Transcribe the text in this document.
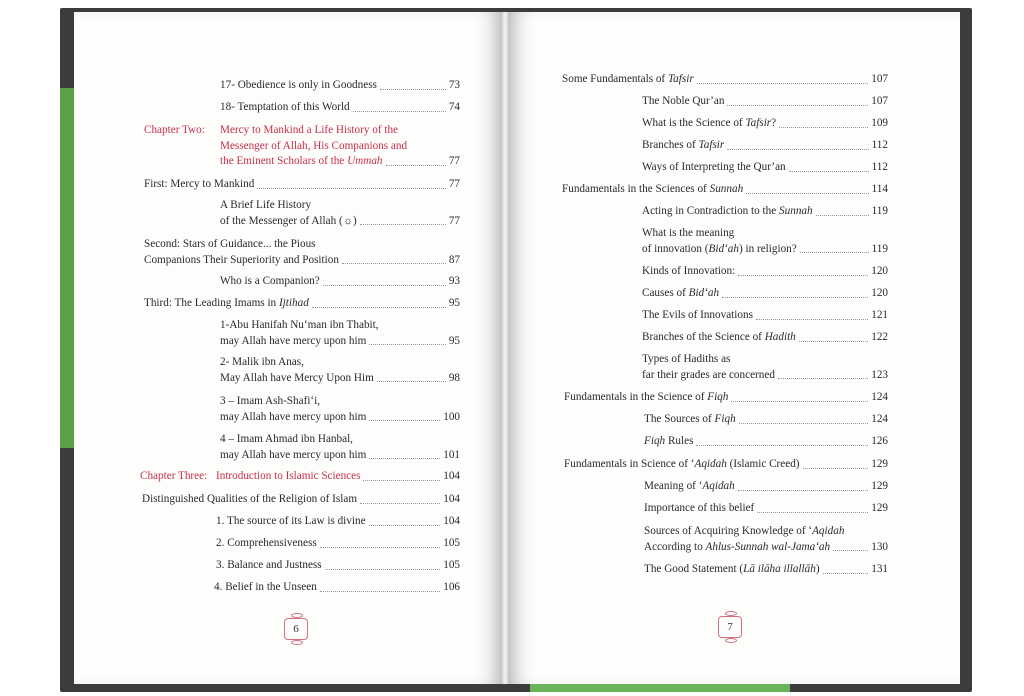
17- Obedience is only in Goodness	73
18- Temptation of this World	74
Chapter Two: Mercy to Mankind a Life History of the
Messenger of Allah, His Companions and
the Eminent Scholars of the Ummah	77
First: Mercy to Mankind	77
A Brief Life History
of the Messenger of Allah (☼)	77
Second: Stars of Guidance... the Pious
Companions Their Superiority and Position	87
Who is a Companion?	93
Third: The Leading Imams in Ijtihad	95
1-Abu Hanifah Nu‘man ibn Thabit,
may Allah have mercy upon him	95
2- Malik ibn Anas,
May Allah have Mercy Upon Him	98
3 – Imam Ash-Shafi‘i,
may Allah have mercy upon him	100
4 – Imam Ahmad ibn Hanbal,
may Allah have mercy upon him	101
Chapter Three: Introduction to Islamic Sciences	104
Distinguished Qualities of the Religion of Islam	104
1. The source of its Law is divine	104
2. Comprehensiveness	105
3. Balance and Justness	105
4. Belief in the Unseen	106
6
Some Fundamentals of Tafsir	107
The Noble Qur’an	107
What is the Science of Tafsir?	109
Branches of Tafsir	112
Ways of Interpreting the Qur’an	112
Fundamentals in the Sciences of Sunnah	114
Acting in Contradiction to the Sunnah	119
What is the meaning
of innovation (Bid‘ah) in religion?	119
Kinds of Innovation:	120
Causes of Bid‘ah	120
The Evils of Innovations	121
Branches of the Science of Hadith	122
Types of Hadiths as
far their grades are concerned	123
Fundamentals in the Science of Fiqh	124
The Sources of Fiqh	124
Fiqh Rules	126
Fundamentals in Science of ‘Aqidah (Islamic Creed)	129
Meaning of ‘Aqidah	129
Importance of this belief	129
Sources of Acquiring Knowledge of ‘Aqidah
According to Ahlus-Sunnah wal-Jama‘ah	130
The Good Statement (Lā ilāha illallāh)	131
7
